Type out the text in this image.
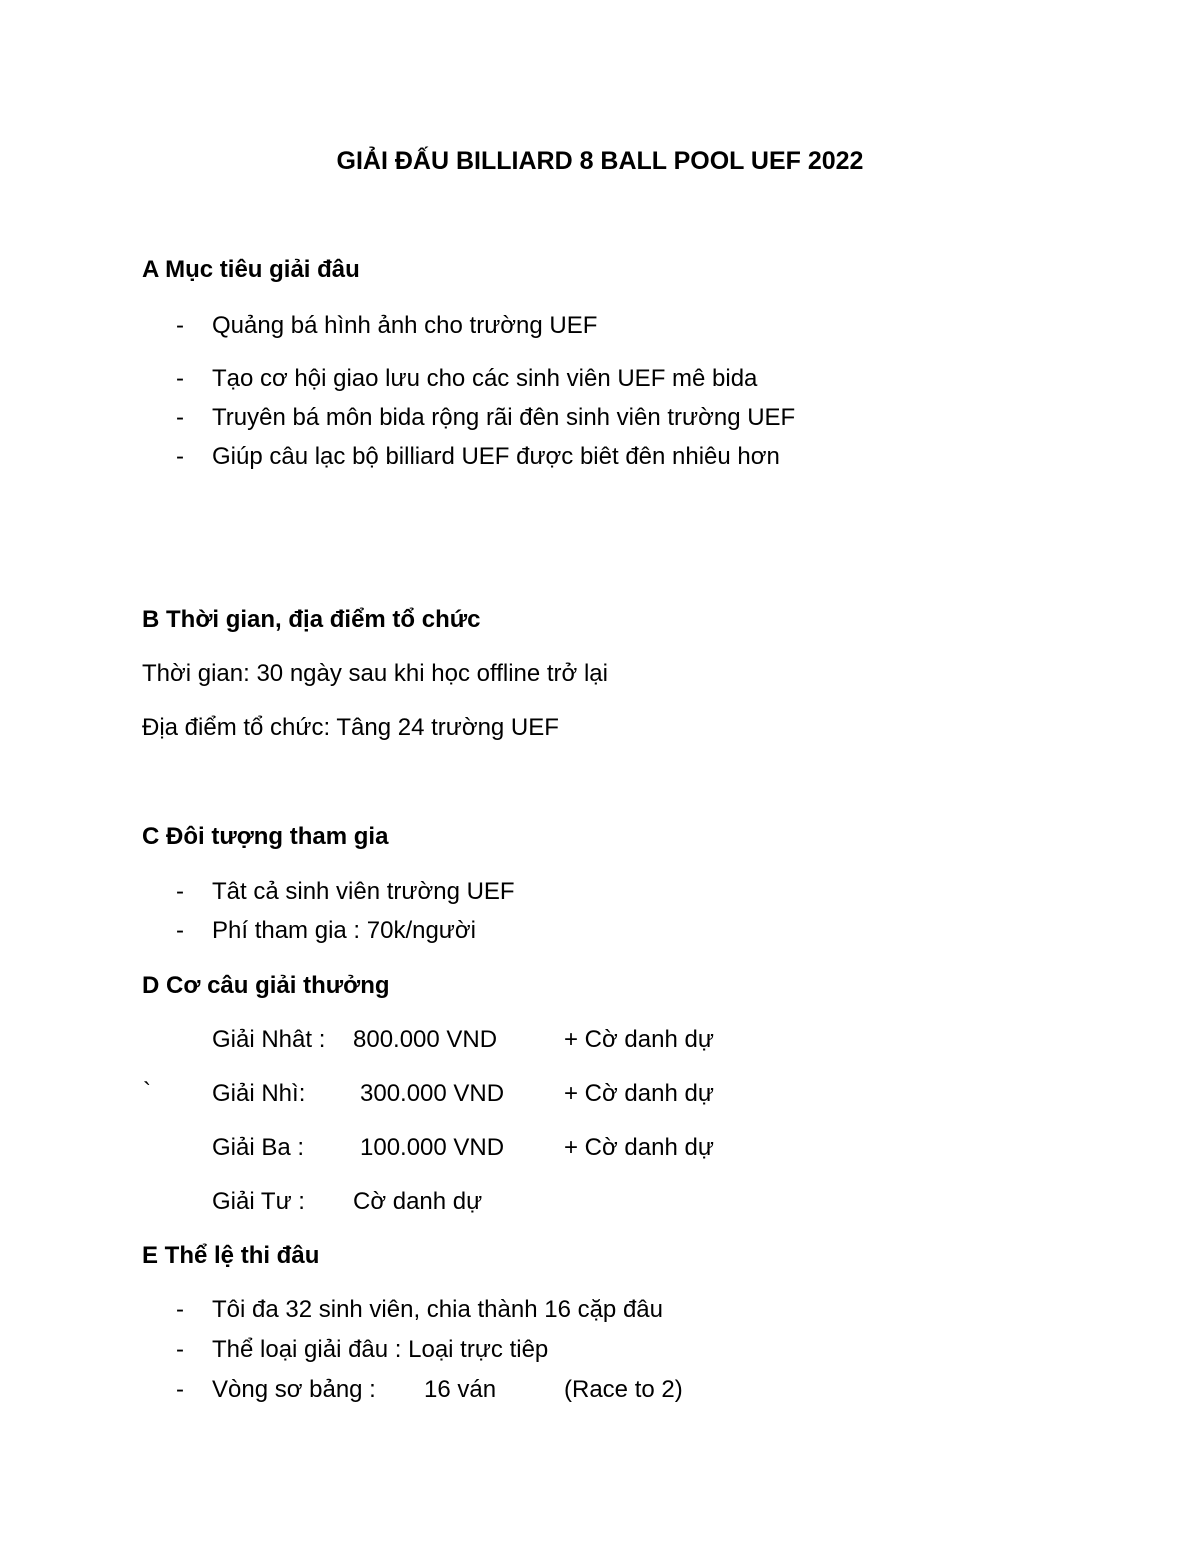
GIẢI ĐẤU BILLIARD 8 BALL POOL UEF 2022
A Mục tiêu giải đâu
- Quảng bá hình ảnh cho trường UEF
- Tạo cơ hội giao lưu cho các sinh viên UEF mê bida
- Truyên bá môn bida rộng rãi đên sinh viên trường UEF
- Giúp câu lạc bộ billiard UEF được biêt đên nhiêu hơn
B Thời gian, địa điểm tổ chức
Thời gian: 30 ngày sau khi học offline trở lại
Địa điểm tổ chức: Tâng 24 trường UEF
C Đôi tượng tham gia
- Tât cả sinh viên trường UEF
- Phí tham gia : 70k/người
D Cơ câu giải thưởng
Giải Nhât : 800.000 VND	+ Cờ danh dự
`	Giải Nhì: 300.000 VND + Cờ danh dự
Giải Ba : 100.000 VND + Cờ danh dự
Giải Tư : Cờ danh dự
E Thể lệ thi đâu
- Tôi đa 32 sinh viên, chia thành 16 cặp đâu
- Thể loại giải đâu : Loại trực tiêp
- Vòng sơ bảng : 16 ván	(Race to 2)
